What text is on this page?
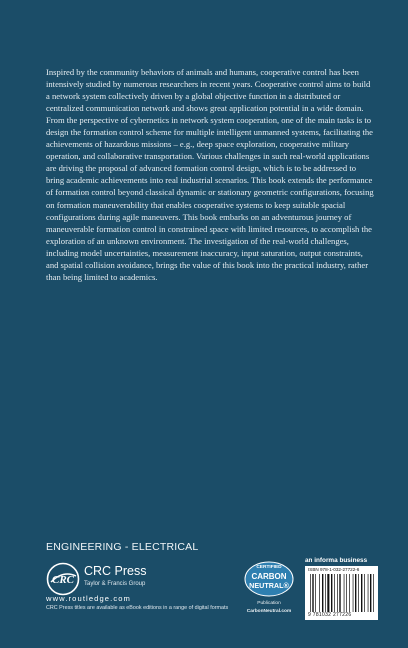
Inspired by the community behaviors of animals and humans, cooperative control has been intensively studied by numerous researchers in recent years. Cooperative control aims to build a network system collectively driven by a global objective function in a distributed or centralized communication network and shows great application potential in a wide domain. From the perspective of cybernetics in network system cooperation, one of the main tasks is to design the formation control scheme for multiple intelligent unmanned systems, facilitating the achievements of hazardous missions – e.g., deep space exploration, cooperative military operation, and collaborative transportation. Various challenges in such real-world applications are driving the proposal of advanced formation control design, which is to be addressed to bring academic achievements into real industrial scenarios. This book extends the performance of formation control beyond classical dynamic or stationary geometric configurations, focusing on formation maneuverability that enables cooperative systems to keep suitable spacial configurations during agile maneuvers. This book embarks on an adventurous journey of maneuverable formation control in constrained space with limited resources, to accomplish the exploration of an unknown environment. The investigation of the real-world challenges, including model uncertainties, measurement inaccuracy, input saturation, output constraints, and spatial collision avoidance, brings the value of this book into the practical industry, rather than being limited to academics.

ENGINEERING - ELECTRICAL
CRC
CRC Press
Taylor & Francis Group
www.routledge.com
CRC Press titles are available as eBook editions in a range of digital formats
CERTIFIED
CARBON
NEUTRAL®
Publication
CarbonNeutral.com
an informa business
ISBN 978-1-032-27722-6
9 781032 277226
